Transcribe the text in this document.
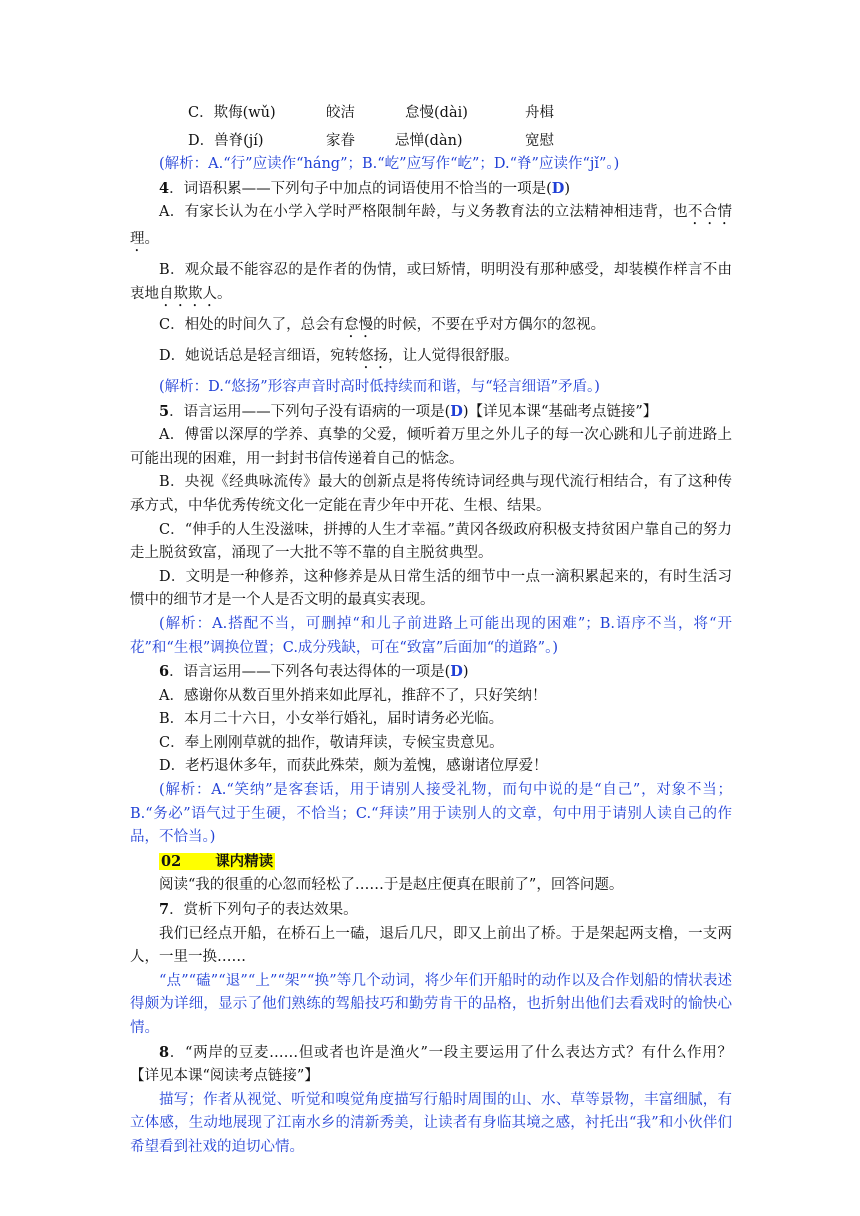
C．欺侮(wǔ)	皎洁	怠慢(dài)	舟楫

D．兽脊(jí)	家眷	忌惮(dàn)	宽慰

(解析：A.“行”应读作“háng”；B.“屹”应写作“屹”；D.“脊”应读作“jǐ”。)

4．词语积累——下列句子中加点的词语使用不恰当的一项是(D)

A．有家长认为在小学入学时严格限制年龄，与义务教育法的立法精神相违背，也不合情理。

B．观众最不能容忍的是作者的伪情，或曰矫情，明明没有那种感受，却装模作样言不由衷地自欺欺人。

C．相处的时间久了，总会有怠慢的时候，不要在乎对方偶尔的忽视。

D．她说话总是轻言细语，宛转悠扬，让人觉得很舒服。

(解析：D.“悠扬”形容声音时高时低持续而和谐，与“轻言细语”矛盾。)

5．语言运用——下列句子没有语病的一项是(D)【详见本课“基础考点链接”】

A．傅雷以深厚的学养、真挚的父爱，倾听着万里之外儿子的每一次心跳和儿子前进路上可能出现的困难，用一封封书信传递着自己的惦念。

B．央视《经典咏流传》最大的创新点是将传统诗词经典与现代流行相结合，有了这种传承方式，中华优秀传统文化一定能在青少年中开花、生根、结果。

C．“伸手的人生没滋味，拼搏的人生才幸福。”黄冈各级政府积极支持贫困户靠自己的努力走上脱贫致富，涌现了一大批不等不靠的自主脱贫典型。

D．文明是一种修养，这种修养是从日常生活的细节中一点一滴积累起来的，有时生活习惯中的细节才是一个人是否文明的最真实表现。

(解析：A.搭配不当，可删掉“和儿子前进路上可能出现的困难”；B.语序不当，将“开花”和“生根”调换位置；C.成分残缺，可在“致富”后面加“的道路”。)

6．语言运用——下列各句表达得体的一项是(D)

A．感谢你从数百里外捎来如此厚礼，推辞不了，只好笑纳！

B．本月二十六日，小女举行婚礼，届时请务必光临。

C．奉上刚刚草就的拙作，敬请拜读，专候宝贵意见。

D．老朽退休多年，而获此殊荣，颇为羞愧，感谢诸位厚爱！

(解析：A.“笑纳”是客套话，用于请别人接受礼物，而句中说的是“自己”，对象不当；B.“务必”语气过于生硬，不恰当；C.“拜读”用于读别人的文章，句中用于请别人读自己的作品，不恰当。)

02 课内精读

阅读“我的很重的心忽而轻松了……于是赵庄便真在眼前了”，回答问题。

7．赏析下列句子的表达效果。

我们已经点开船，在桥石上一磕，退后几尺，即又上前出了桥。于是架起两支橹，一支两人，一里一换……

“点”“磕”“退”“上”“架”“换”等几个动词，将少年们开船时的动作以及合作划船的情状表述得颇为详细，显示了他们熟练的驾船技巧和勤劳肯干的品格，也折射出他们去看戏时的愉快心情。

8．“两岸的豆麦……但或者也许是渔火”一段主要运用了什么表达方式？有什么作用？【详见本课“阅读考点链接”】

描写；作者从视觉、听觉和嗅觉角度描写行船时周围的山、水、草等景物，丰富细腻，有立体感，生动地展现了江南水乡的清新秀美，让读者有身临其境之感，衬托出“我”和小伙伴们希望看到社戏的迫切心情。
